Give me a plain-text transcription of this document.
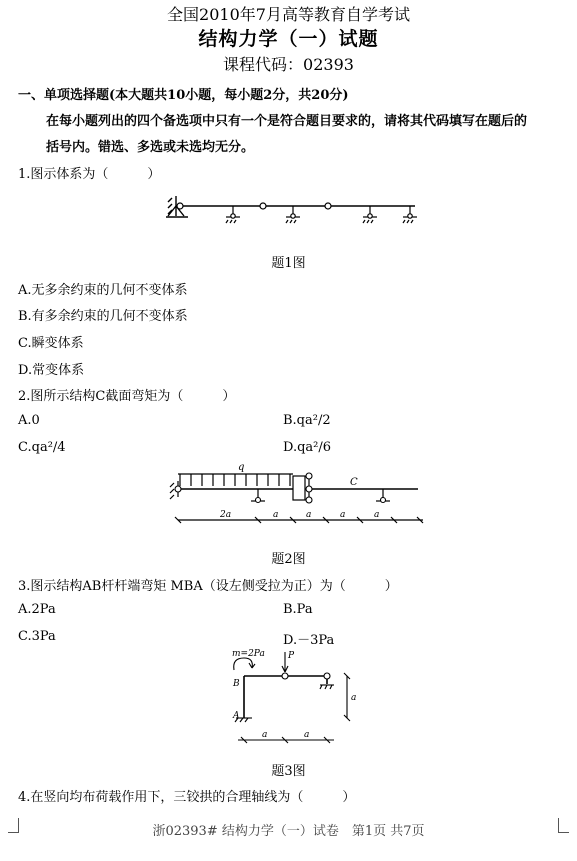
全国2010年7月高等教育自学考试
结构力学（一）试题
课程代码：02393
一、单项选择题(本大题共10小题，每小题2分，共20分)
在每小题列出的四个备选项中只有一个是符合题目要求的，请将其代码填写在题后的
括号内。错选、多选或未选均无分。
1.图示体系为（　　　）
题1图
A.无多余约束的几何不变体系
B.有多余约束的几何不变体系
C.瞬变体系
D.常变体系
2.图所示结构C截面弯矩为（　　　）
A.0	B.qa²/2
C.qa²/4	D.qa²/6
q
C
2a	a	a	a	a
题2图
3.图示结构AB杆杆端弯矩 MBA（设左侧受拉为正）为（　　　）
A.2Pa	B.Pa
C.3Pa	D.－3Pa
m=2Pa	P
B
A
a
a	a
题3图
4.在竖向均布荷载作用下，三铰拱的合理轴线为（　　　）
浙02393# 结构力学（一）试卷　第1页 共7页
